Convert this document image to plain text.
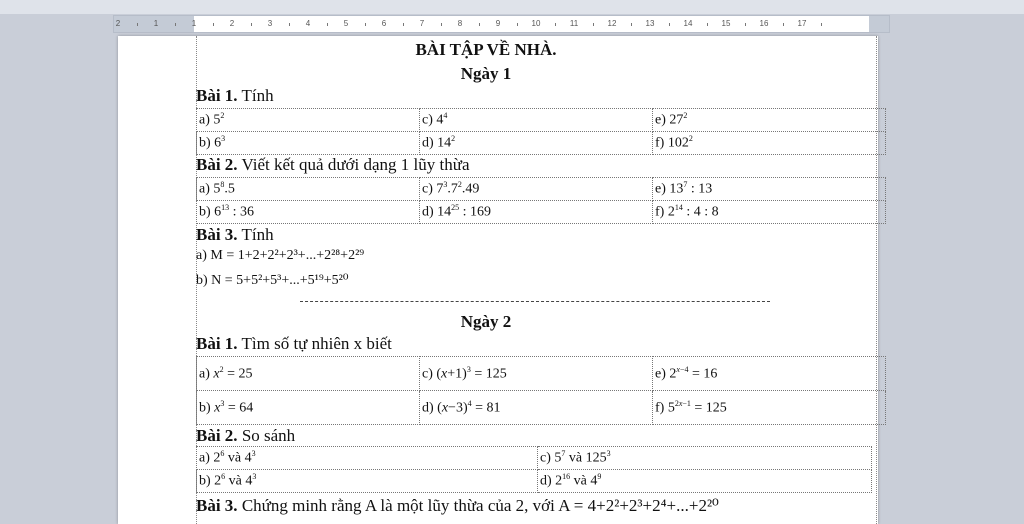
2	1	1	2	3	4	5	6	7	8	9	10	11	12	13	14	15	16	17
BÀI TẬP VỀ NHÀ.
Ngày 1
Bài 1. Tính
a) $5^2$	c) $4^4$	e) $27^2$
b) $6^3$	d) $14^2$	f) $102^2$
Bài 2. Viết kết quả dưới dạng 1 lũy thừa
a) $5^8.5$	c) $7^3.7^2.49$	e) $13^7$ : 13
b) $6^{13}$ : 36	d) $14^{25}$ : 169	f) $2^{14}$ : 4 : 8
Bài 3. Tính
a) M = 1+2+2²+2³+...+2²⁸+2²⁹
b) N = 5+5²+5³+...+5¹⁹+5²⁰
Ngày 2
Bài 1. Tìm số tự nhiên x biết
a) $x^2 = 25$	c) $(x+1)^3 = 125$	e) $2^{x-4} = 16$
b) $x^3 = 64$	d) $(x-3)^4 = 81$	f) $5^{2x-1} = 125$
Bài 2. So sánh
a) $2^6$ và $4^3$	c) $5^7$ và $125^3$
b) $2^6$ và $4^3$	d) $2^{16}$ và $4^9$
Bài 3. Chứng minh rằng A là một lũy thừa của 2, với A = 4+2²+2³+2⁴+...+2²⁰
